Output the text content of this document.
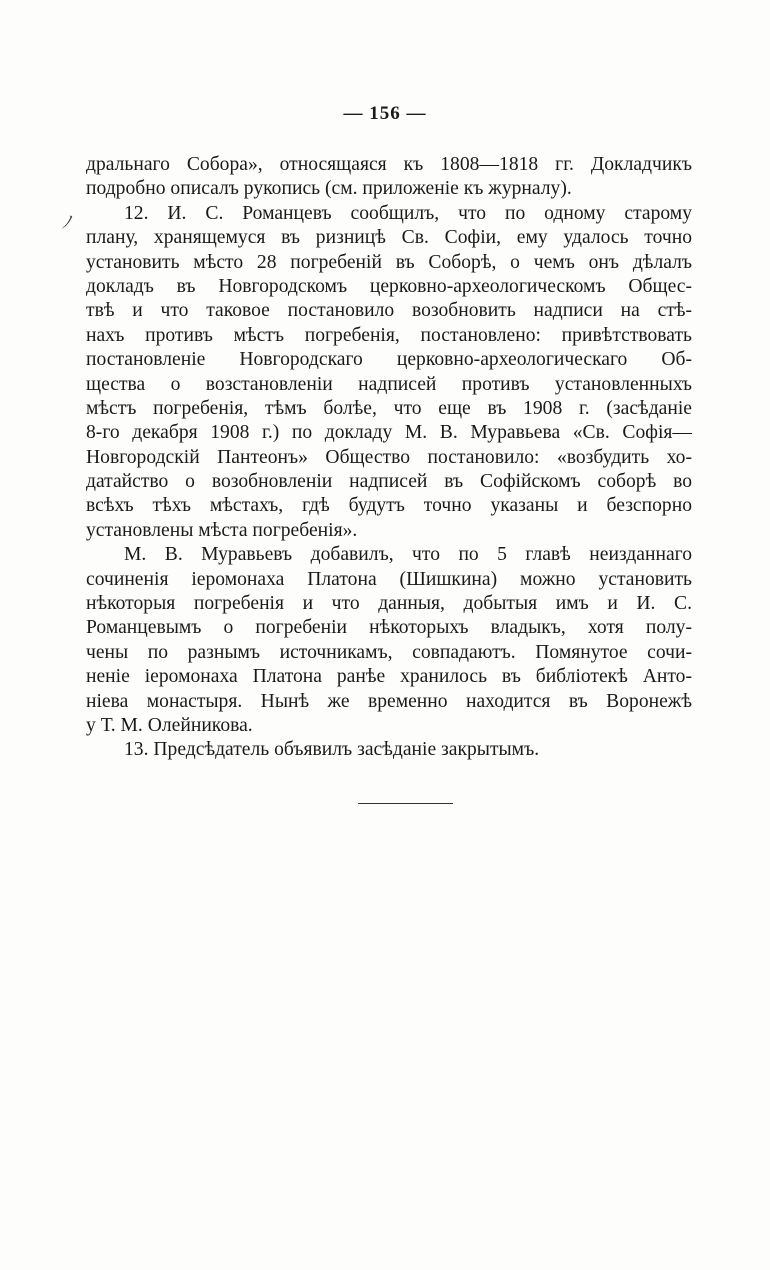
— 156 —
ﾉ
дральнаго Собора», относящаяся къ 1808—1818 гг. Докладчикъ
подробно описалъ рукопись (см. приложеніе къ журналу).
12. И. С. Романцевъ сообщилъ, что по одному старому
плану, хранящемуся въ ризницѣ Св. Софіи, ему удалось точно
установить мѣсто 28 погребеній въ Соборѣ, о чемъ онъ дѣлалъ
докладъ въ Новгородскомъ церковно-археологическомъ Общес-
твѣ и что таковое постановило возобновить надписи на стѣ-
нахъ противъ мѣстъ погребенія, постановлено: привѣтствовать
постановленіе Новгородскаго церковно-археологическаго Об-
щества о возстановленіи надписей противъ установленныхъ
мѣстъ погребенія, тѣмъ болѣе, что еще въ 1908 г. (засѣданіе
8-го декабря 1908 г.) по докладу М. В. Муравьева «Св. Софія—
Новгородскій Пантеонъ» Общество постановило: «возбудить хо-
датайство о возобновленіи надписей въ Софійскомъ соборѣ во
всѣхъ тѣхъ мѣстахъ, гдѣ будутъ точно указаны и безспорно
установлены мѣста погребенія».
М. В. Муравьевъ добавилъ, что по 5 главѣ неизданнаго
сочиненія іеромонаха Платона (Шишкина) можно установить
нѣкоторыя погребенія и что данныя, добытыя имъ и И. С.
Романцевымъ о погребеніи нѣкоторыхъ владыкъ, хотя полу-
чены по разнымъ источникамъ, совпадаютъ. Помянутое сочи-
неніе іеромонаха Платона ранѣе хранилось въ библіотекѣ Анто-
ніева монастыря. Нынѣ же временно находится въ Воронежѣ
у Т. М. Олейникова.
13. Предсѣдатель объявилъ засѣданіе закрытымъ.
